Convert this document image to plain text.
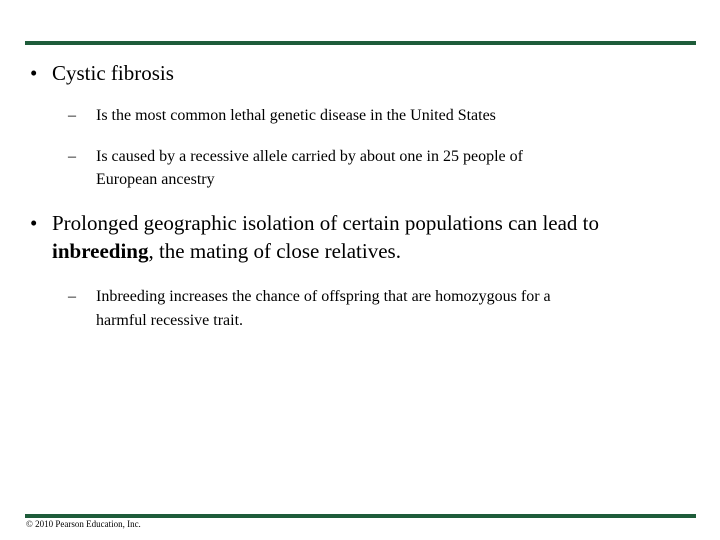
• Cystic fibrosis
– Is the most common lethal genetic disease in the United States
– Is caused by a recessive allele carried by about one in 25 people of
European ancestry
• Prolonged geographic isolation of certain populations can lead to
inbreeding, the mating of close relatives.
– Inbreeding increases the chance of offspring that are homozygous for a
harmful recessive trait.
© 2010 Pearson Education, Inc.
